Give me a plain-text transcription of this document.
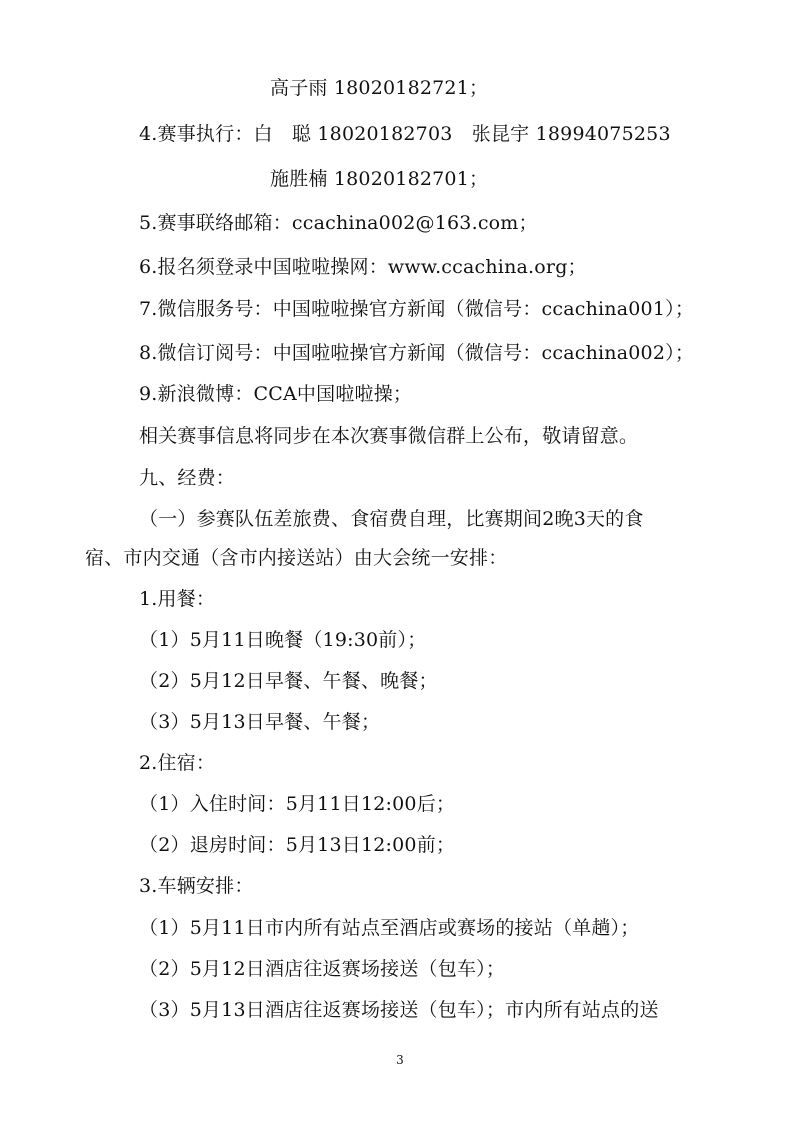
高子雨 18020182721；
4.赛事执行：白　聪 18020182703　张昆宇 18994075253
施胜楠 18020182701；
5.赛事联络邮箱：ccachina002@163.com；
6.报名须登录中国啦啦操网：www.ccachina.org；
7.微信服务号：中国啦啦操官方新闻（微信号：ccachina001）；
8.微信订阅号：中国啦啦操官方新闻（微信号：ccachina002）；
9.新浪微博：CCA中国啦啦操；
相关赛事信息将同步在本次赛事微信群上公布，敬请留意。
九、经费：
（一）参赛队伍差旅费、食宿费自理，比赛期间2晚3天的食
宿、市内交通（含市内接送站）由大会统一安排：
1.用餐：
（1）5月11日晚餐（19:30前）；
（2）5月12日早餐、午餐、晚餐；
（3）5月13日早餐、午餐；
2.住宿：
（1）入住时间：5月11日12:00后；
（2）退房时间：5月13日12:00前；
3.车辆安排：
（1）5月11日市内所有站点至酒店或赛场的接站（单趟）；
（2）5月12日酒店往返赛场接送（包车）；
（3）5月13日酒店往返赛场接送（包车）；市内所有站点的送
3
